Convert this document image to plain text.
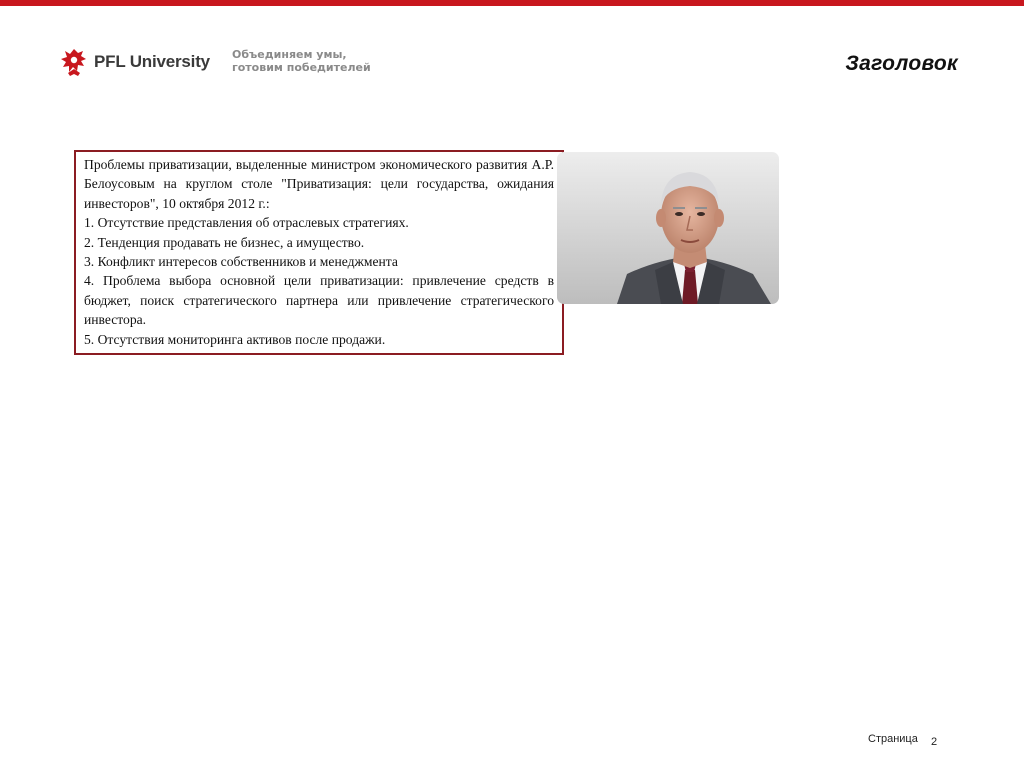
PFL University Объединяем умы,
готовим победителей	Заголовок

Проблемы приватизации, выделенные министром экономического развития А.Р. Белоусовым на круглом столе "Приватизация: цели государства, ожидания инвесторов", 10 октября 2012 г.:

1. Отсутствие представления об отраслевых стратегиях.

2. Тенденция продавать не бизнес, а имущество.

3. Конфликт интересов собственников и менеджмента

4. Проблема выбора основной цели приватизации: привлечение средств в бюджет, поиск стратегического партнера или привлечение стратегического инвестора.

5. Отсутствия мониторинга активов после продажи.

Страница 2
